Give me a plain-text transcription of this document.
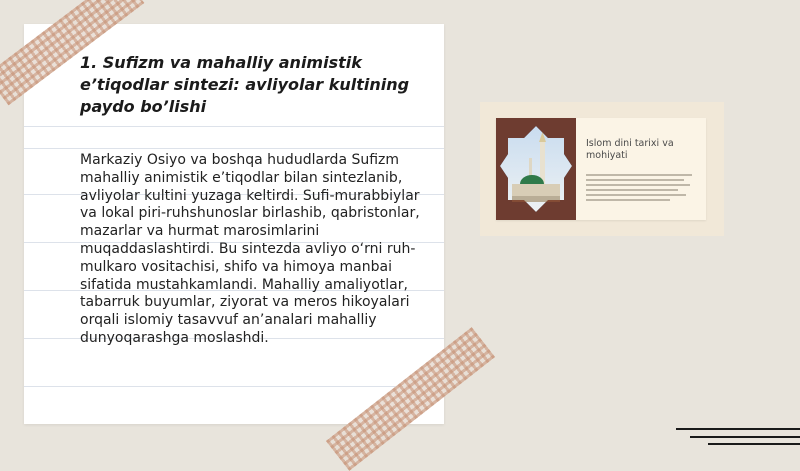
1. Sufizm va mahalliy animistik e’tiqodlar sintezi: avliyolar kultining paydo bo’lishi
Markaziy Osiyo va boshqa hududlarda Sufizm mahalliy animistik e’tiqodlar bilan sintezlanib, avliyolar kultini yuzaga keltirdi. Sufi-murabbiylar va lokal piri-ruhshunoslar birlashib, qabristonlar, mazarlar va hurmat marosimlarini muqaddaslashtirdi. Bu sintezda avliyo o‘rni ruh-mulkaro vositachisi, shifo va himoya manbai sifatida mustahkamlandi. Mahalliy amaliyotlar, tabarruk buyumlar, ziyorat va meros hikoyalari orqali islomiy tasavvuf an’analari mahalliy dunyoqarashga moslashdi.
Islom dini tarixi va mohiyati
